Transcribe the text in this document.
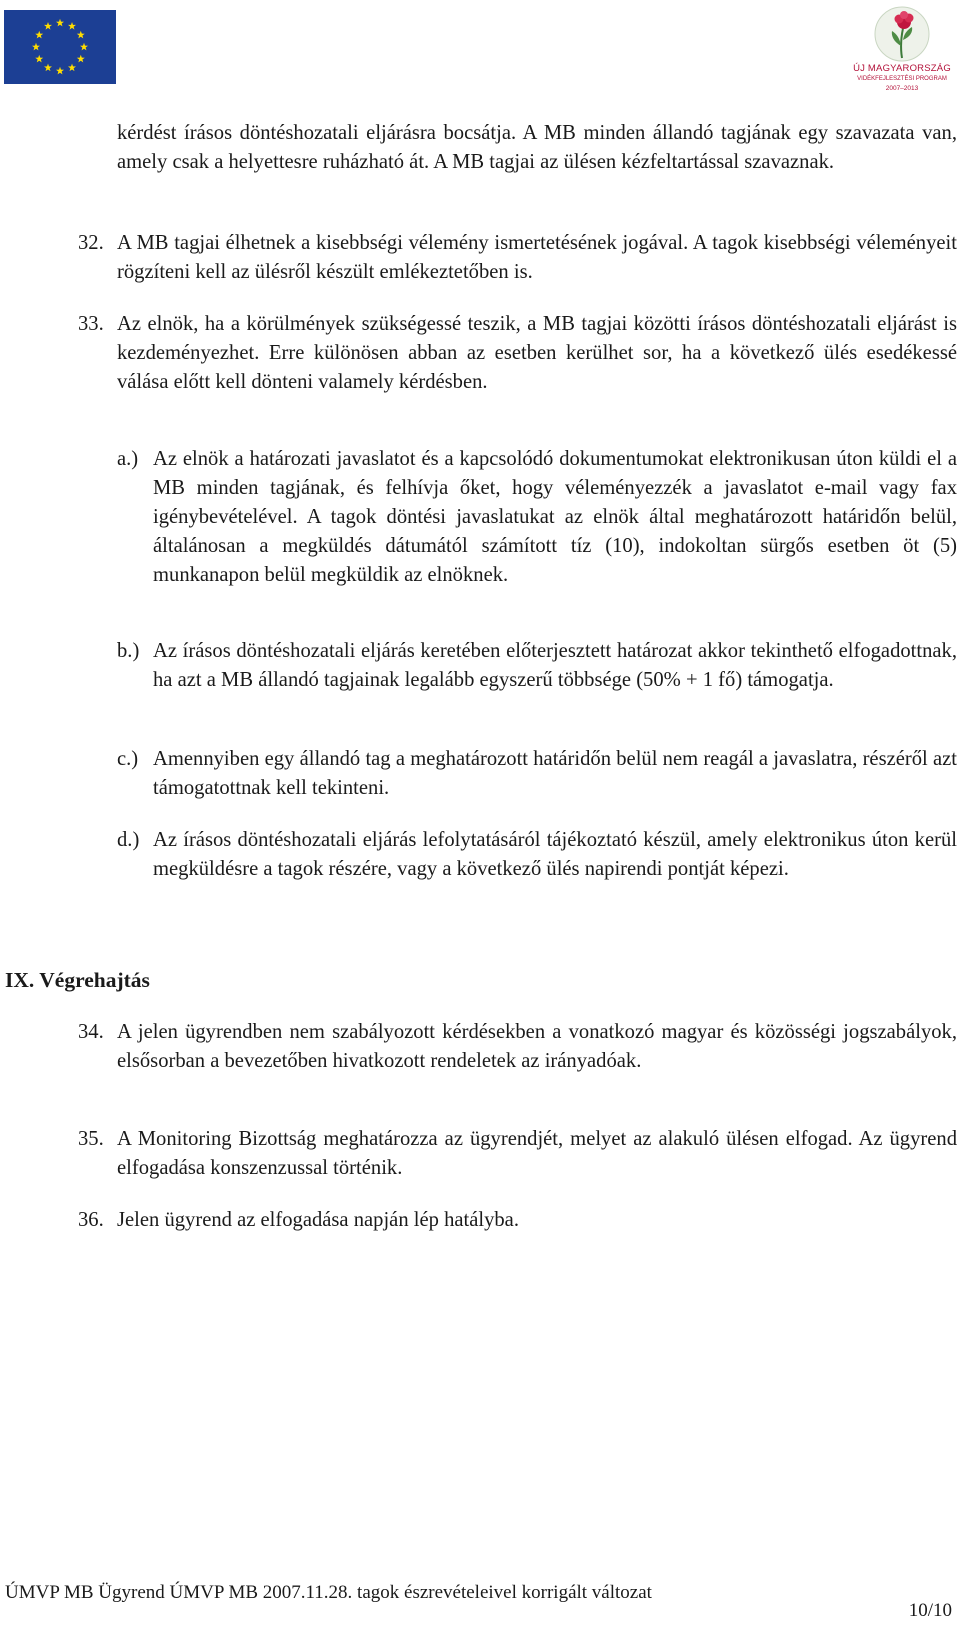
ÚJ MAGYARORSZÁG
VIDÉKFEJLESZTÉSI PROGRAM
2007–2013

kérdést írásos döntéshozatali eljárásra bocsátja. A MB minden állandó tagjának egy szavazata van, amely csak a helyettesre ruházható át. A MB tagjai az ülésen kézfeltartással szavaznak.

32. A MB tagjai élhetnek a kisebbségi vélemény ismertetésének jogával. A tagok kisebbségi véleményeit rögzíteni kell az ülésről készült emlékeztetőben is.

33. Az elnök, ha a körülmények szükségessé teszik, a MB tagjai közötti írásos döntéshozatali eljárást is kezdeményezhet. Erre különösen abban az esetben kerülhet sor, ha a következő ülés esedékessé válása előtt kell dönteni valamely kérdésben.

a.) Az elnök a határozati javaslatot és a kapcsolódó dokumentumokat elektronikusan úton küldi el a MB minden tagjának, és felhívja őket, hogy véleményezzék a javaslatot e-mail vagy fax igénybevételével. A tagok döntési javaslatukat az elnök által meghatározott határidőn belül, általánosan a megküldés dátumától számított tíz (10), indokoltan sürgős esetben öt (5) munkanapon belül megküldik az elnöknek.

b.) Az írásos döntéshozatali eljárás keretében előterjesztett határozat akkor tekinthető elfogadottnak, ha azt a MB állandó tagjainak legalább egyszerű többsége (50% + 1 fő) támogatja.

c.) Amennyiben egy állandó tag a meghatározott határidőn belül nem reagál a javaslatra, részéről azt támogatottnak kell tekinteni.

d.) Az írásos döntéshozatali eljárás lefolytatásáról tájékoztató készül, amely elektronikus úton kerül megküldésre a tagok részére, vagy a következő ülés napirendi pontját képezi.

IX. Végrehajtás
34. A jelen ügyrendben nem szabályozott kérdésekben a vonatkozó magyar és közösségi jogszabályok, elsősorban a bevezetőben hivatkozott rendeletek az irányadóak.

35. A Monitoring Bizottság meghatározza az ügyrendjét, melyet az alakuló ülésen elfogad. Az ügyrend elfogadása konszenzussal történik.

36. Jelen ügyrend az elfogadása napján lép hatályba.

ÚMVP MB Ügyrend ÚMVP MB 2007.11.28. tagok észrevételeivel korrigált változat
10/10
